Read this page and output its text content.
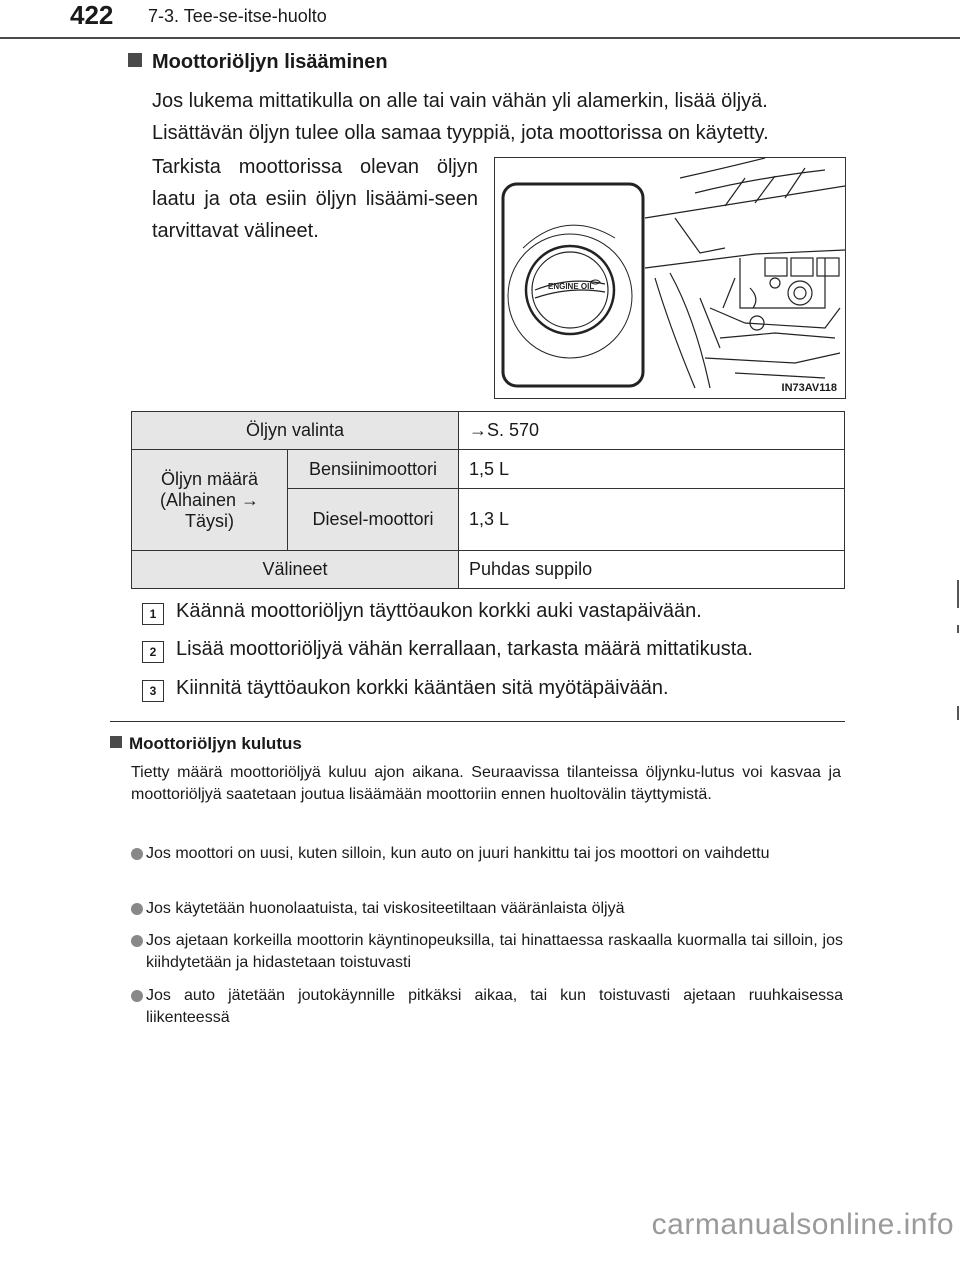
422 7-3. Tee-se-itse-huolto
Moottoriöljyn lisääminen
Jos lukema mittatikulla on alle tai vain vähän yli alamerkin, lisää öljyä. Lisättävän öljyn tulee olla samaa tyyppiä, jota moottorissa on käytetty.
Tarkista moottorissa olevan öljyn laatu ja ota esiin öljyn lisäämi-seen tarvittavat välineet.
ENGINE OIL
IN73AV118
Öljyn valinta		→S. 570
Öljyn määrä (Alhainen → Täysi)	Bensiinimoottori	1,5 L
	Diesel-moottori	1,3 L
Välineet		Puhdas suppilo
1 Käännä moottoriöljyn täyttöaukon korkki auki vastapäivään.
2 Lisää moottoriöljyä vähän kerrallaan, tarkasta määrä mittatikusta.
3 Kiinnitä täyttöaukon korkki kääntäen sitä myötäpäivään.
Moottoriöljyn kulutus
Tietty määrä moottoriöljyä kuluu ajon aikana. Seuraavissa tilanteissa öljynku-lutus voi kasvaa ja moottoriöljyä saatetaan joutua lisäämään moottoriin ennen huoltovälin täyttymistä.
Jos moottori on uusi, kuten silloin, kun auto on juuri hankittu tai jos moottori on vaihdettu
Jos käytetään huonolaatuista, tai viskositeetiltaan vääränlaista öljyä
Jos ajetaan korkeilla moottorin käyntinopeuksilla, tai hinattaessa raskaalla kuormalla tai silloin, jos kiihdytetään ja hidastetaan toistuvasti
Jos auto jätetään joutokäynnille pitkäksi aikaa, tai kun toistuvasti ajetaan ruuhkaisessa liikenteessä
carmanualsonline.info
